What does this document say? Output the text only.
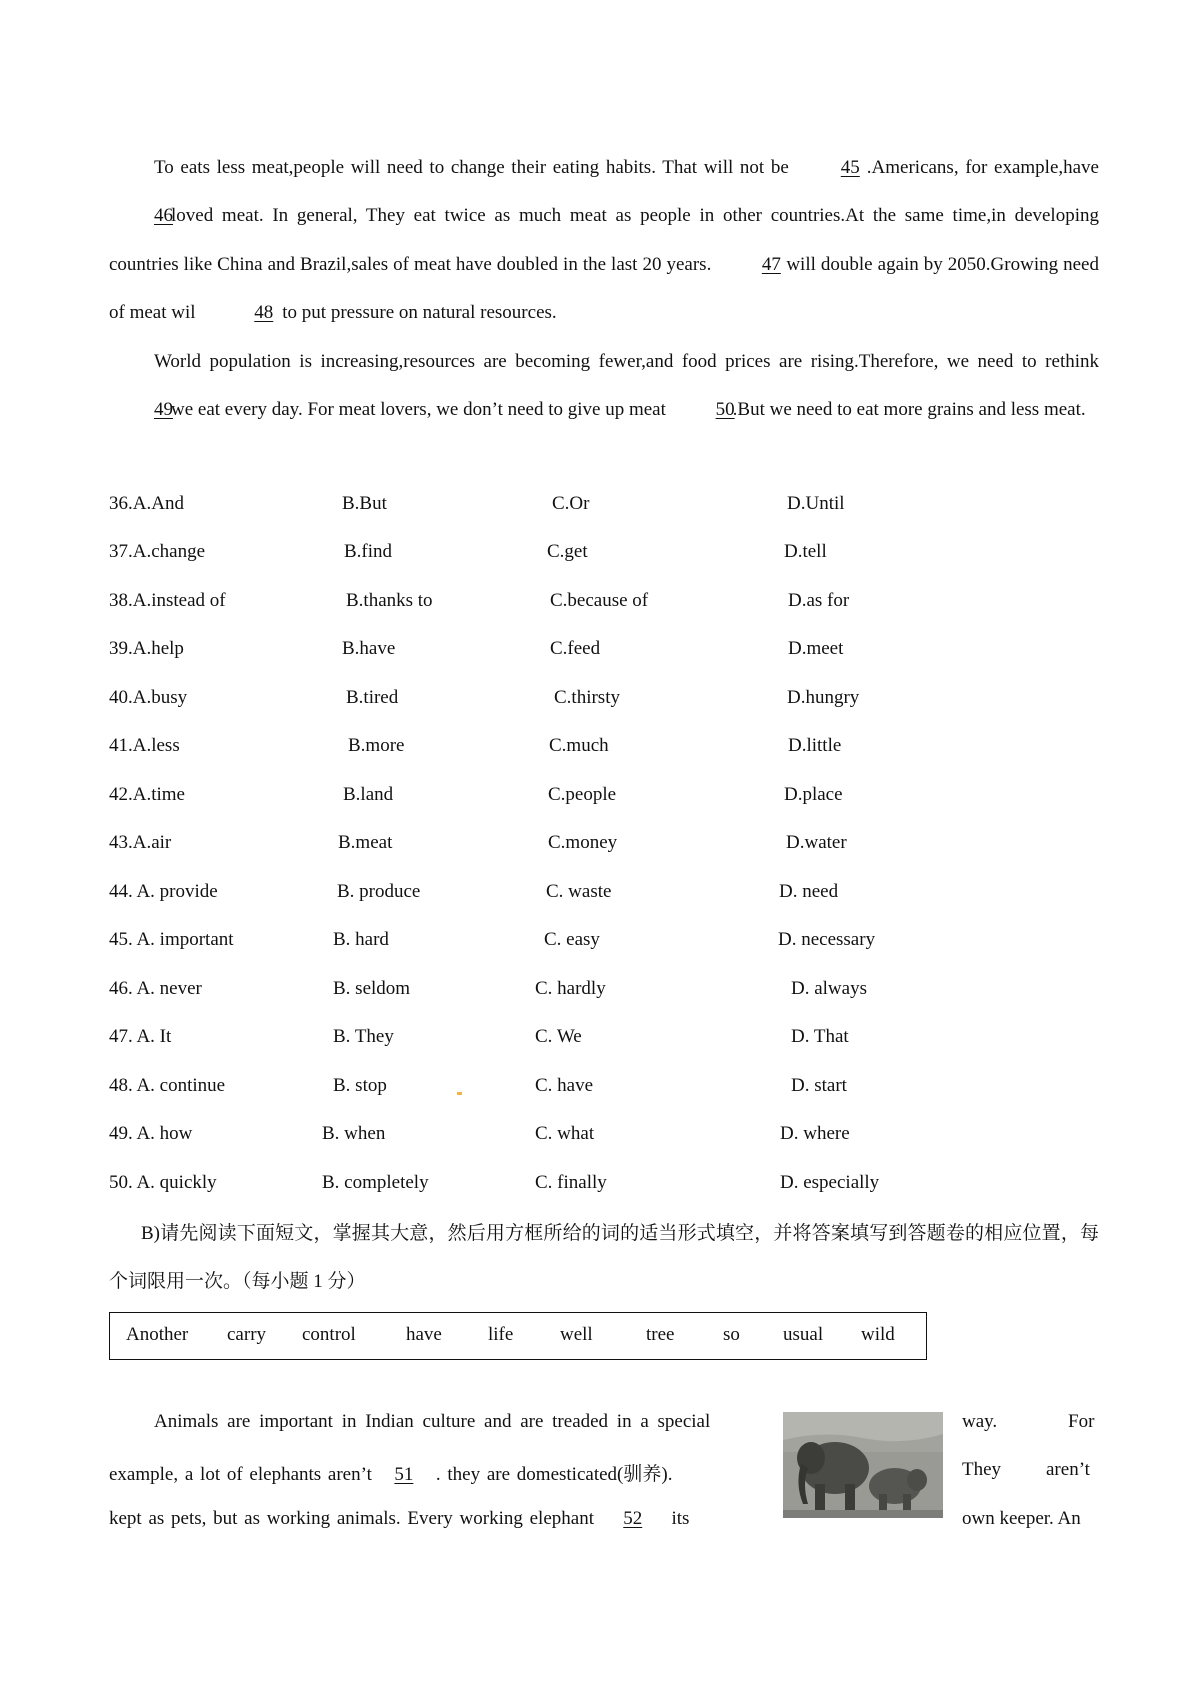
To eats less meat,people will need to change their eating habits. That will not be	45 .Americans, for example,have 46loved meat. In general, They eat twice as much meat as people in other countries.At the same time,in developing countries like China and Brazil,sales of meat have doubled in the last 20 years.	47 will double again by 2050.Growing need of meat wil	48 to put pressure on natural resources.

World population is increasing,resources are becoming fewer,and food prices are rising.Therefore, we need to rethink 49we eat every day. For meat lovers, we don’t need to give up meat 50.But we need to eat more grains and less meat.

36.A.And	B.But	C.Or	D.Until
37.A.change	B.find	C.get	D.tell
38.A.instead of	B.thanks to	C.because of	D.as for
39.A.help	B.have	C.feed	D.meet
40.A.busy	B.tired	C.thirsty	D.hungry
41.A.less	B.more	C.much	D.little
42.A.time	B.land	C.people	D.place
43.A.air	B.meat	C.money	D.water
44. A. provide	B. produce	C. waste	D. need
45. A. important	B. hard	C. easy	D. necessary
46. A. never	B. seldom	C. hardly	D. always
47. A. It	B. They	C. We	D. That
48. A. continue	B. stop	C. have	D. start
49. A. how	B. when	C. what	D. where
50. A. quickly	B. completely	C. finally	D. especially

B)请先阅读下面短文，掌握其大意，然后用方框所给的词的适当形式填空，并将答案填写到答题卷的相应位置，每个词限用一次。（每小题 1 分）

Another carry control	have life well	tree	so usual wild
Animals are important in Indian culture and are treaded in a special	way.	For
example, a lot of elephants aren’t 51 . they are domesticated(驯养).	They aren’t
kept as pets, but as working animals. Every working elephant 52 its	own keeper. An
